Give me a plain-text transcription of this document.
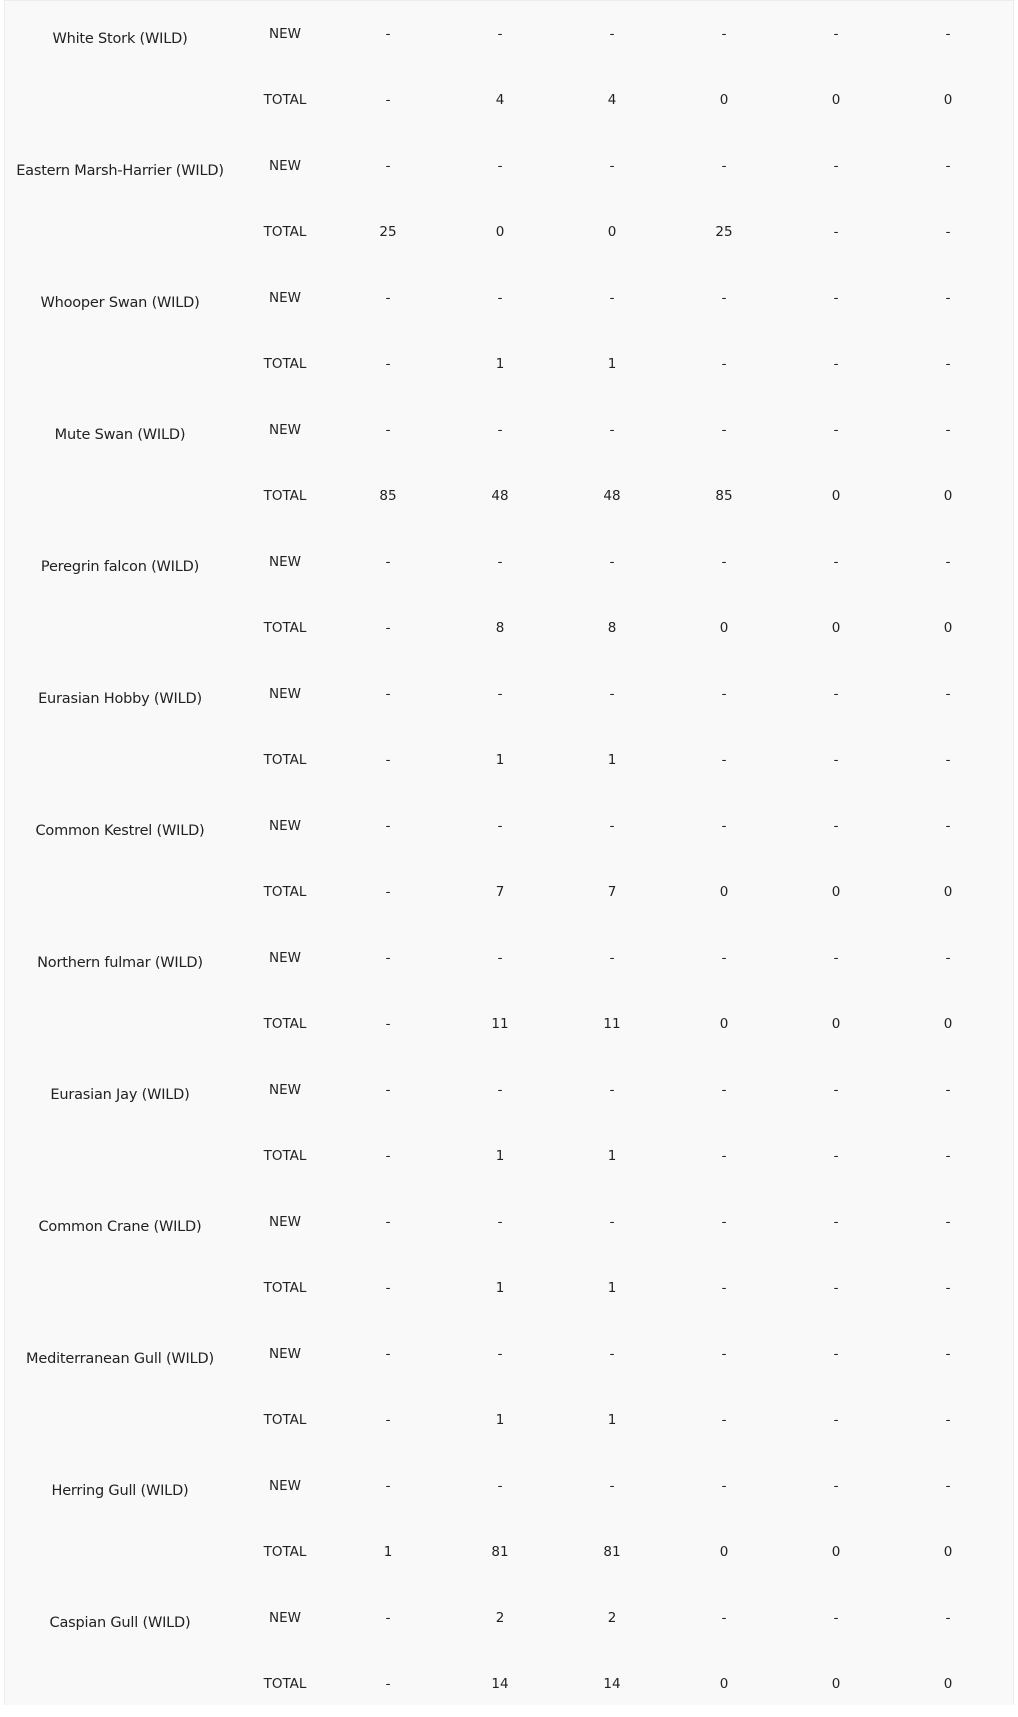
White Stork (WILD)	NEW	-	-	-	-	-	-
TOTAL	-	4	4	0	0	0
Eastern Marsh-Harrier (WILD)	NEW	-	-	-	-	-	-
TOTAL	25	0	0	25	-	-
Whooper Swan (WILD)	NEW	-	-	-	-	-	-
TOTAL	-	1	1	-	-	-
Mute Swan (WILD)	NEW	-	-	-	-	-	-
TOTAL	85	48	48	85	0	0
Peregrin falcon (WILD)	NEW	-	-	-	-	-	-
TOTAL	-	8	8	0	0	0
Eurasian Hobby (WILD)	NEW	-	-	-	-	-	-
TOTAL	-	1	1	-	-	-
Common Kestrel (WILD)	NEW	-	-	-	-	-	-
TOTAL	-	7	7	0	0	0
Northern fulmar (WILD)	NEW	-	-	-	-	-	-
TOTAL	-	11	11	0	0	0
Eurasian Jay (WILD)	NEW	-	-	-	-	-	-
TOTAL	-	1	1	-	-	-
Common Crane (WILD)	NEW	-	-	-	-	-	-
TOTAL	-	1	1	-	-	-
Mediterranean Gull (WILD)	NEW	-	-	-	-	-	-
TOTAL	-	1	1	-	-	-
Herring Gull (WILD)	NEW	-	-	-	-	-	-
TOTAL	1	81	81	0	0	0
Caspian Gull (WILD)	NEW	-	2	2	-	-	-
TOTAL	-	14	14	0	0	0
